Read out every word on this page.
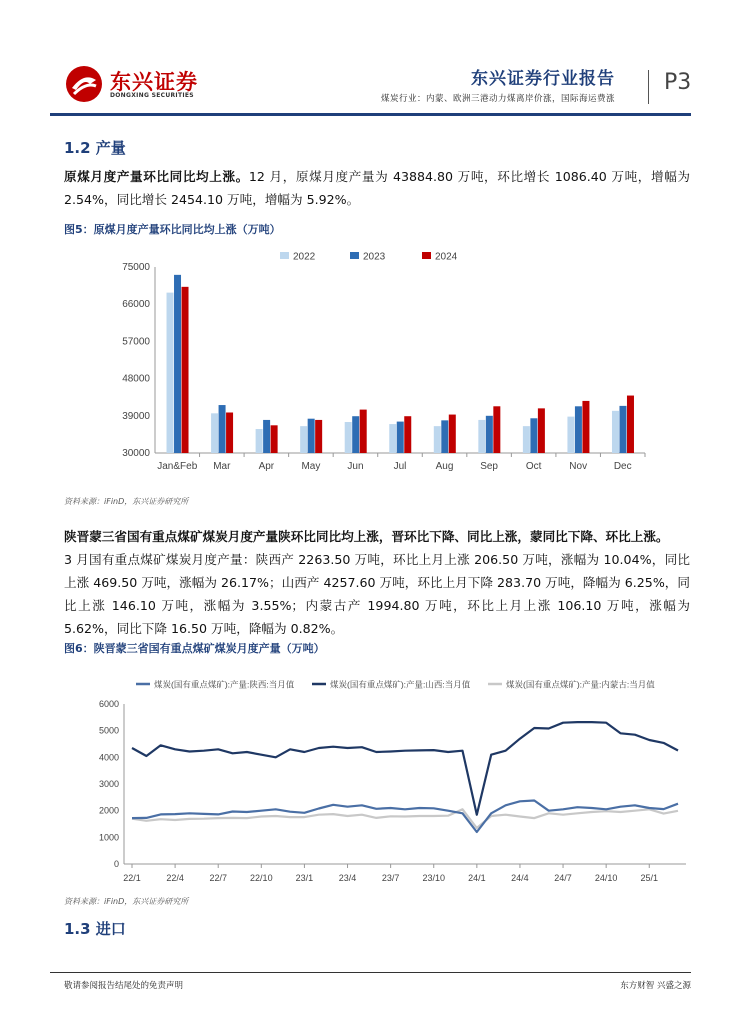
东兴证券
DONGXING SECURITIES
东兴证券行业报告
煤炭行业：内蒙、欧洲三港动力煤离岸价涨，国际海运费涨
P3
1.2 产量
原煤月度产量环比同比均上涨。12 月，原煤月度产量为 43884.80 万吨，环比增长 1086.40 万吨，增幅为 2.54%，同比增长 2454.10 万吨，增幅为 5.92%。
图5：原煤月度产量环比同比均上涨（万吨）
2022	2023	2024
30000
39000
48000
57000
66000
75000
Jan&Feb Mar	Apr	May	Jun	Jul	Aug	Sep	Oct	Nov	Dec
资料来源：iFinD，东兴证券研究所
陕晋蒙三省国有重点煤矿煤炭月度产量陕环比同比均上涨，晋环比下降、同比上涨，蒙同比下降、环比上涨。
3 月国有重点煤矿煤炭月度产量：陕西产 2263.50 万吨，环比上月上涨 206.50 万吨，涨幅为 10.04%，同比上涨 469.50 万吨，涨幅为 26.17%；山西产 4257.60 万吨，环比上月下降 283.70 万吨，降幅为 6.25%，同比上涨 146.10 万吨，涨幅为 3.55%；内蒙古产 1994.80 万吨，环比上月上涨 106.10 万吨，涨幅为 5.62%，同比下降 16.50 万吨，降幅为 0.82%。
图6：陕晋蒙三省国有重点煤矿煤炭月度产量（万吨）
煤炭(国有重点煤矿):产量:陕西:当月值	煤炭(国有重点煤矿):产量:山西:当月值	煤炭(国有重点煤矿):产量:内蒙古:当月值
0
1000
2000
3000
4000
5000
6000
22/1	22/4	22/7	22/10	23/1	23/4	23/7	23/10	24/1	24/4	24/7	24/10	25/1
资料来源：iFinD，东兴证券研究所
1.3 进口
敬请参阅报告结尾处的免责声明	东方财智 兴盛之源
